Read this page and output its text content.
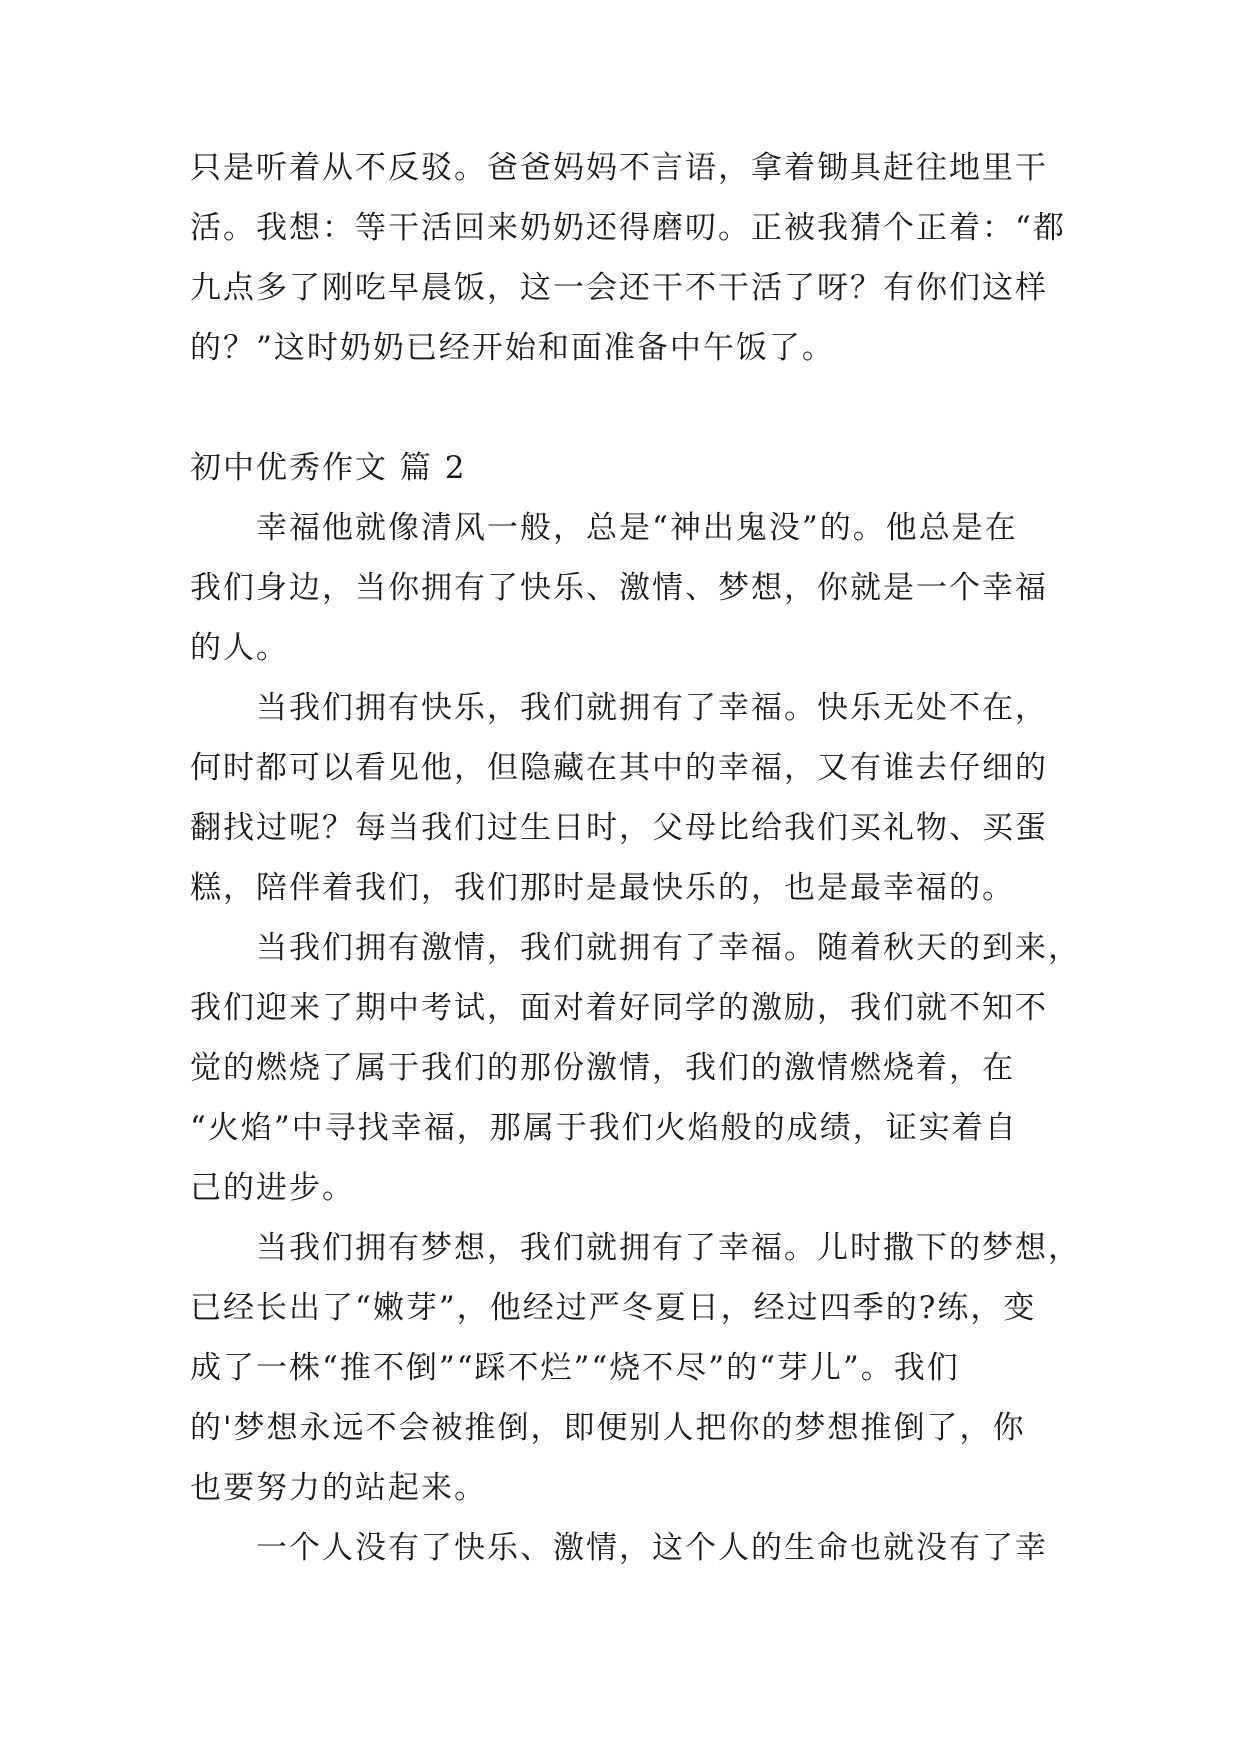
只是听着从不反驳。爸爸妈妈不言语，拿着锄具赶往地里干
活。我想：等干活回来奶奶还得磨叨。正被我猜个正着：“都
九点多了刚吃早晨饭，这一会还干不干活了呀？有你们这样
的？”这时奶奶已经开始和面准备中午饭了。
初中优秀作文 篇 2
幸福他就像清风一般，总是“神出鬼没”的。他总是在
我们身边，当你拥有了快乐、激情、梦想，你就是一个幸福
的人。
当我们拥有快乐，我们就拥有了幸福。快乐无处不在，
何时都可以看见他，但隐藏在其中的幸福，又有谁去仔细的
翻找过呢？每当我们过生日时，父母比给我们买礼物、买蛋
糕，陪伴着我们，我们那时是最快乐的，也是最幸福的。
当我们拥有激情，我们就拥有了幸福。随着秋天的到来，
我们迎来了期中考试，面对着好同学的激励，我们就不知不
觉的燃烧了属于我们的那份激情，我们的激情燃烧着，在
“火焰”中寻找幸福，那属于我们火焰般的成绩，证实着自
己的进步。
当我们拥有梦想，我们就拥有了幸福。儿时撒下的梦想，
已经长出了“嫩芽”，他经过严冬夏日，经过四季的?练，变
成了一株“推不倒”“踩不烂”“烧不尽”的“芽儿”。我们
的'梦想永远不会被推倒，即便别人把你的梦想推倒了，你
也要努力的站起来。
一个人没有了快乐、激情，这个人的生命也就没有了幸
